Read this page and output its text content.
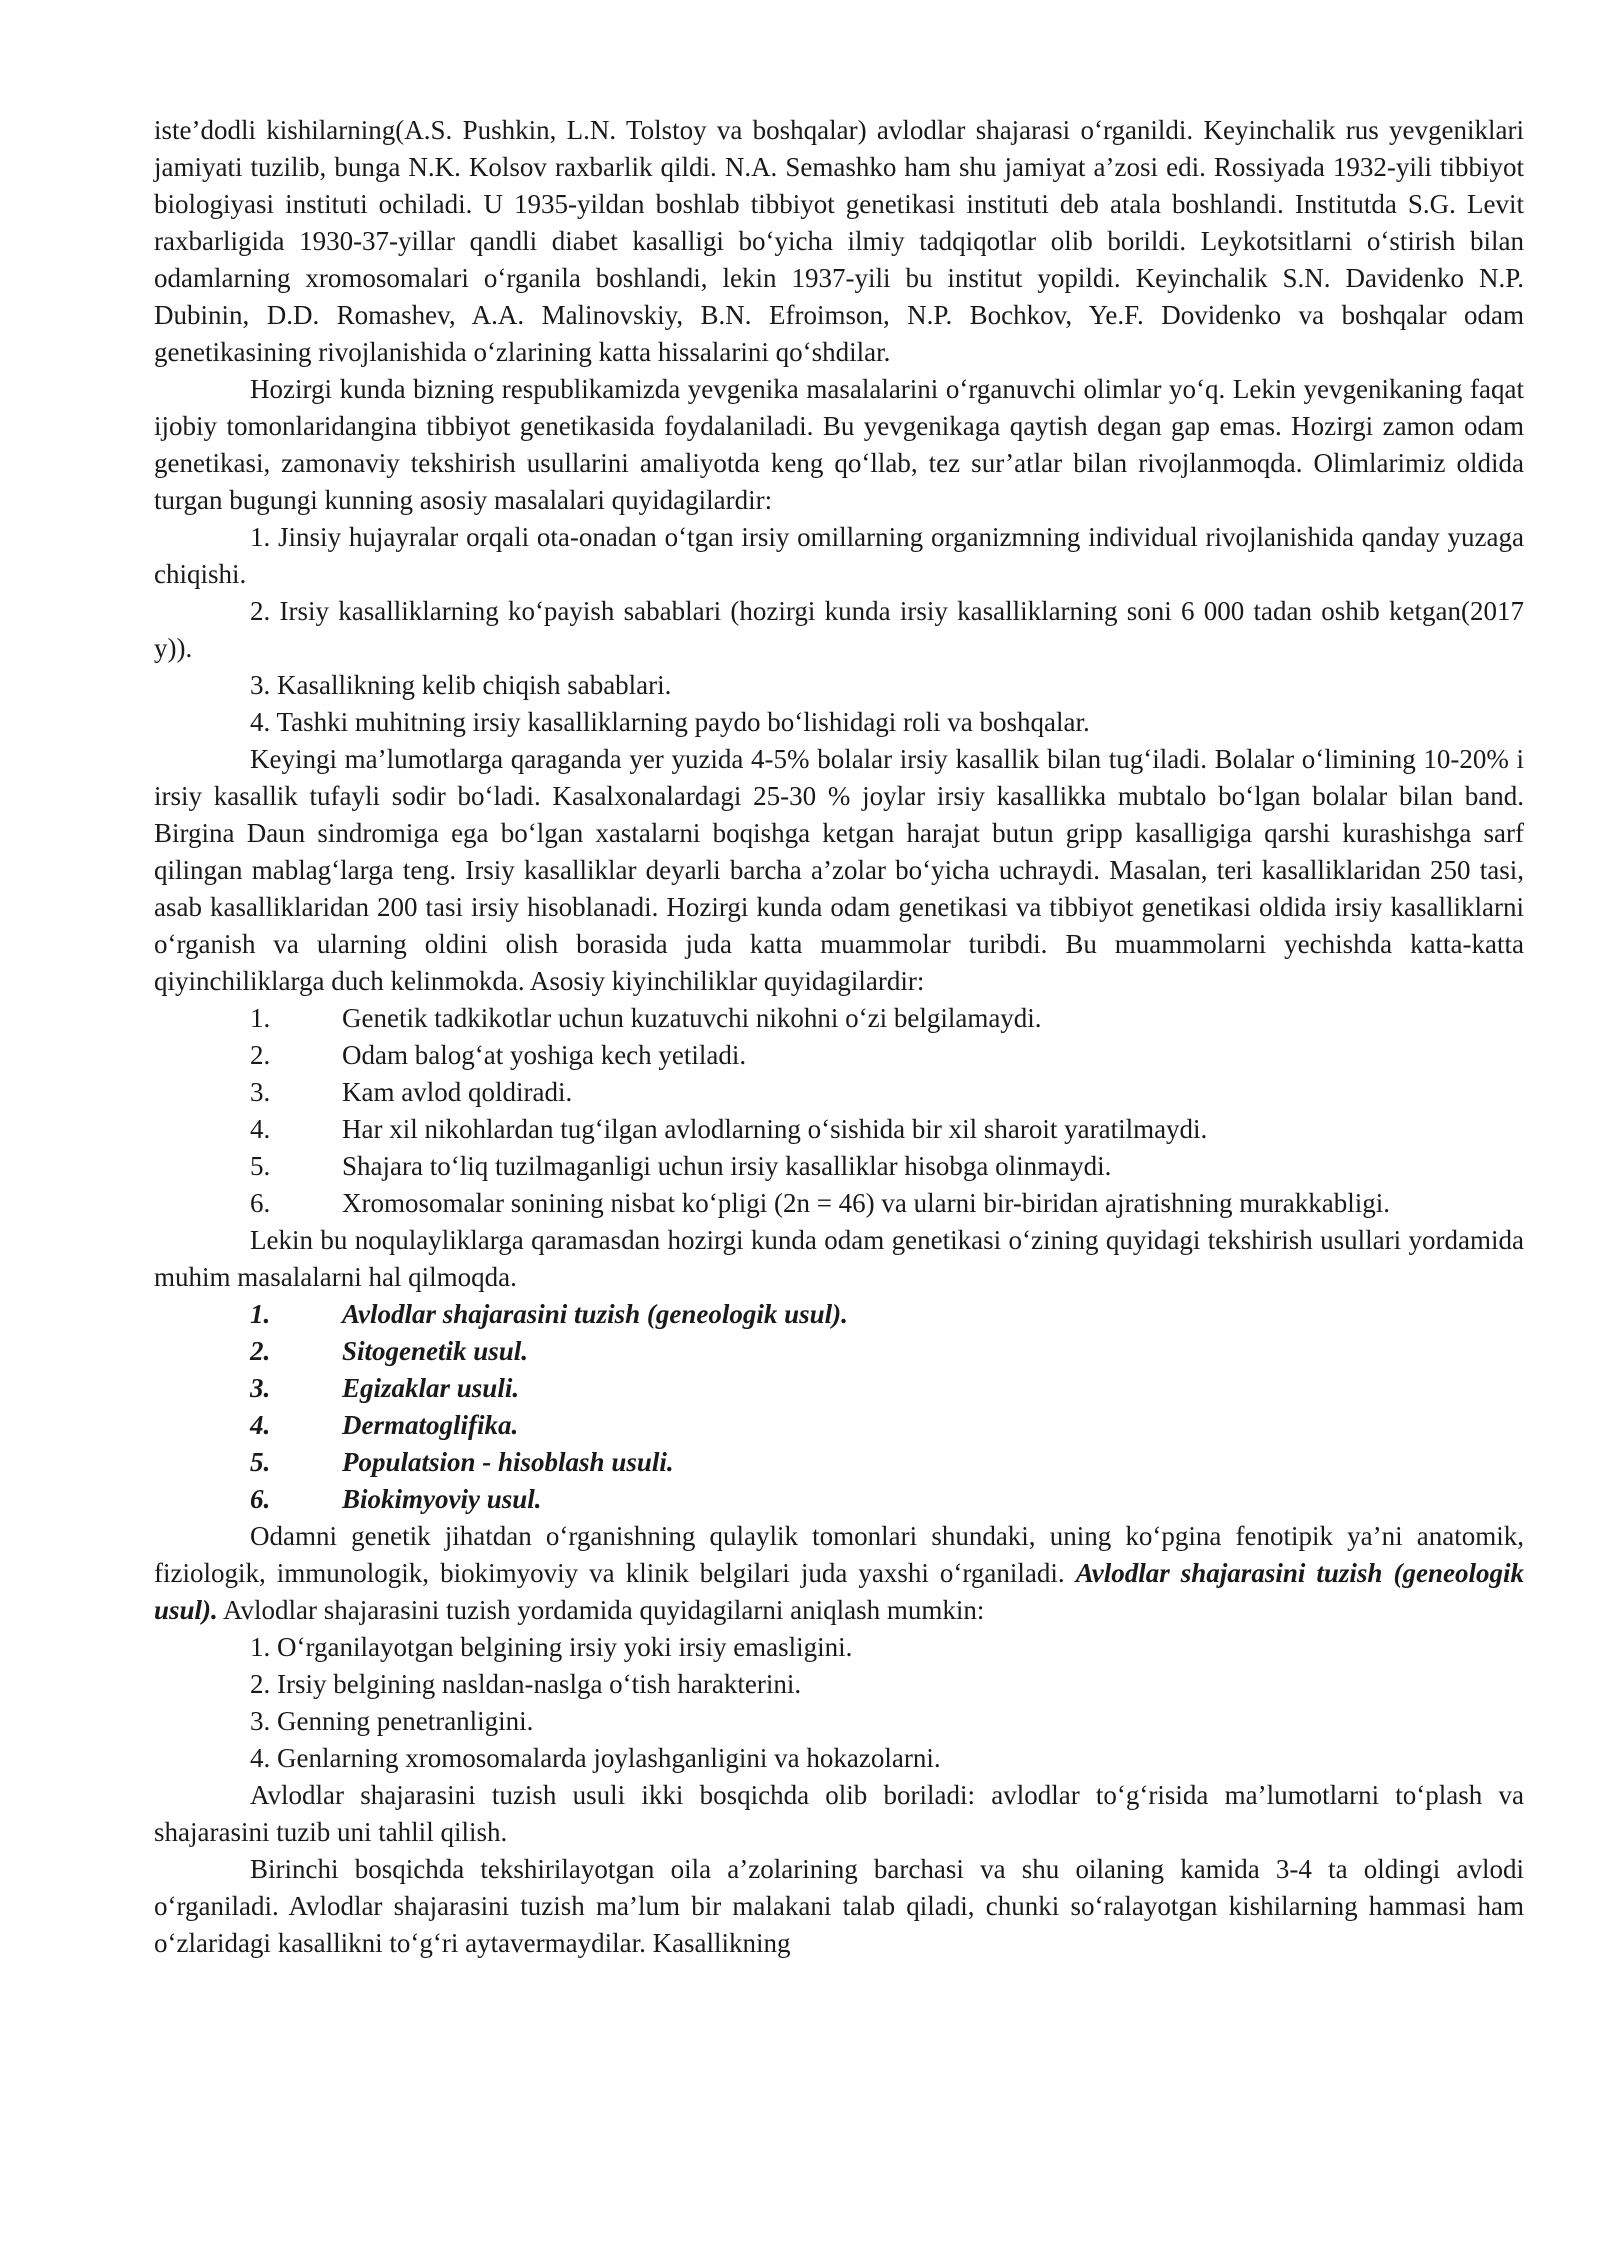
iste’dodli kishilarning(A.S. Pushkin, L.N. Tolstoy va boshqalar) avlodlar shajarasi o‘rganildi. Keyinchalik rus yevgeniklari jamiyati tuzilib, bunga N.K. Kolsov raxbarlik qildi. N.A. Semashko ham shu jamiyat a’zosi edi. Rossiyada 1932-yili tibbiyot biologiyasi instituti ochiladi. U 1935-yildan boshlab tibbiyot genetikasi instituti deb atala boshlandi. Institutda S.G. Levit raxbarligida 1930-37-yillar qandli diabet kasalligi bo‘yicha ilmiy tadqiqotlar olib borildi. Leykotsitlarni o‘stirish bilan odamlarning xromosomalari o‘rganila boshlandi, lekin 1937-yili bu institut yopildi. Keyinchalik S.N. Davidenko N.P. Dubinin, D.D. Romashev, A.A. Malinovskiy, B.N. Efroimson, N.P. Bochkov, Ye.F. Dovidenko va boshqalar odam genetikasining rivojlanishida o‘zlarining katta hissalarini qo‘shdilar.

Hozirgi kunda bizning respublikamizda yevgenika masalalarini o‘rganuvchi olimlar yo‘q. Lekin yevgenikaning faqat ijobiy tomonlaridangina tibbiyot genetikasida foydalaniladi. Bu yevgenikaga qaytish degan gap emas. Hozirgi zamon odam genetikasi, zamonaviy tekshirish usullarini amaliyotda keng qo‘llab, tez sur’atlar bilan rivojlanmoqda. Olimlarimiz oldida turgan bugungi kunning asosiy masalalari quyidagilardir:

1. Jinsiy hujayralar orqali ota-onadan o‘tgan irsiy omillarning organizmning individual rivojlanishida qanday yuzaga chiqishi.

2. Irsiy kasalliklarning ko‘payish sabablari (hozirgi kunda irsiy kasalliklarning soni 6 000 tadan oshib ketgan(2017 y)).

3. Kasallikning kelib chiqish sabablari.

4. Tashki muhitning irsiy kasalliklarning paydo bo‘lishidagi roli va boshqalar.

Keyingi ma’lumotlarga qaraganda yer yuzida 4-5% bolalar irsiy kasallik bilan tug‘iladi. Bolalar o‘limining 10-20% i irsiy kasallik tufayli sodir bo‘ladi. Kasalxonalardagi 25-30 % joylar irsiy kasallikka mubtalo bo‘lgan bolalar bilan band. Birgina Daun sindromiga ega bo‘lgan xastalarni boqishga ketgan harajat butun gripp kasalligiga qarshi kurashishga sarf qilingan mablag‘larga teng. Irsiy kasalliklar deyarli barcha a’zolar bo‘yicha uchraydi. Masalan, teri kasalliklaridan 250 tasi, asab kasalliklaridan 200 tasi irsiy hisoblanadi. Hozirgi kunda odam genetikasi va tibbiyot genetikasi oldida irsiy kasalliklarni o‘rganish va ularning oldini olish borasida juda katta muammolar turibdi. Bu muammolarni yechishda katta-katta qiyinchiliklarga duch kelinmokda. Asosiy kiyinchiliklar quyidagilardir:

1.	Genetik tadkikotlar uchun kuzatuvchi nikohni o‘zi belgilamaydi.

2.	Odam balog‘at yoshiga kech yetiladi.

3.	Kam avlod qoldiradi.

4.	Har xil nikohlardan tug‘ilgan avlodlarning o‘sishida bir xil sharoit yaratilmaydi.

5.	Shajara to‘liq tuzilmaganligi uchun irsiy kasalliklar hisobga olinmaydi.

6.	Xromosomalar sonining nisbat ko‘pligi (2n = 46) va ularni bir-biridan ajratishning murakkabligi.

Lekin bu noqulayliklarga qaramasdan hozirgi kunda odam genetikasi o‘zining quyidagi tekshirish usullari yordamida muhim masalalarni hal qilmoqda.

1.	Avlodlar shajarasini tuzish (geneologik usul).

2.	Sitogenetik usul.

3.	Egizaklar usuli.

4.	Dermatoglifika.

5.	Populatsion - hisoblash usuli.

6.	Biokimyoviy usul.

Odamni genetik jihatdan o‘rganishning qulaylik tomonlari shundaki, uning ko‘pgina fenotipik ya’ni anatomik, fiziologik, immunologik, biokimyoviy va klinik belgilari juda yaxshi o‘rganiladi. Avlodlar shajarasini tuzish (geneologik usul). Avlodlar shajarasini tuzish yordamida quyidagilarni aniqlash mumkin:

1. O‘rganilayotgan belgining irsiy yoki irsiy emasligini.

2. Irsiy belgining nasldan-naslga o‘tish harakterini.

3. Genning penetranligini.

4. Genlarning xromosomalarda joylashganligini va hokazolarni.

Avlodlar shajarasini tuzish usuli ikki bosqichda olib boriladi: avlodlar to‘g‘risida ma’lumotlarni to‘plash va shajarasini tuzib uni tahlil qilish.

Birinchi bosqichda tekshirilayotgan oila a’zolarining barchasi va shu oilaning kamida 3-4 ta oldingi avlodi o‘rganiladi. Avlodlar shajarasini tuzish ma’lum bir malakani talab qiladi, chunki so‘ralayotgan kishilarning hammasi ham o‘zlaridagi kasallikni to‘g‘ri aytavermaydilar. Kasallikning
